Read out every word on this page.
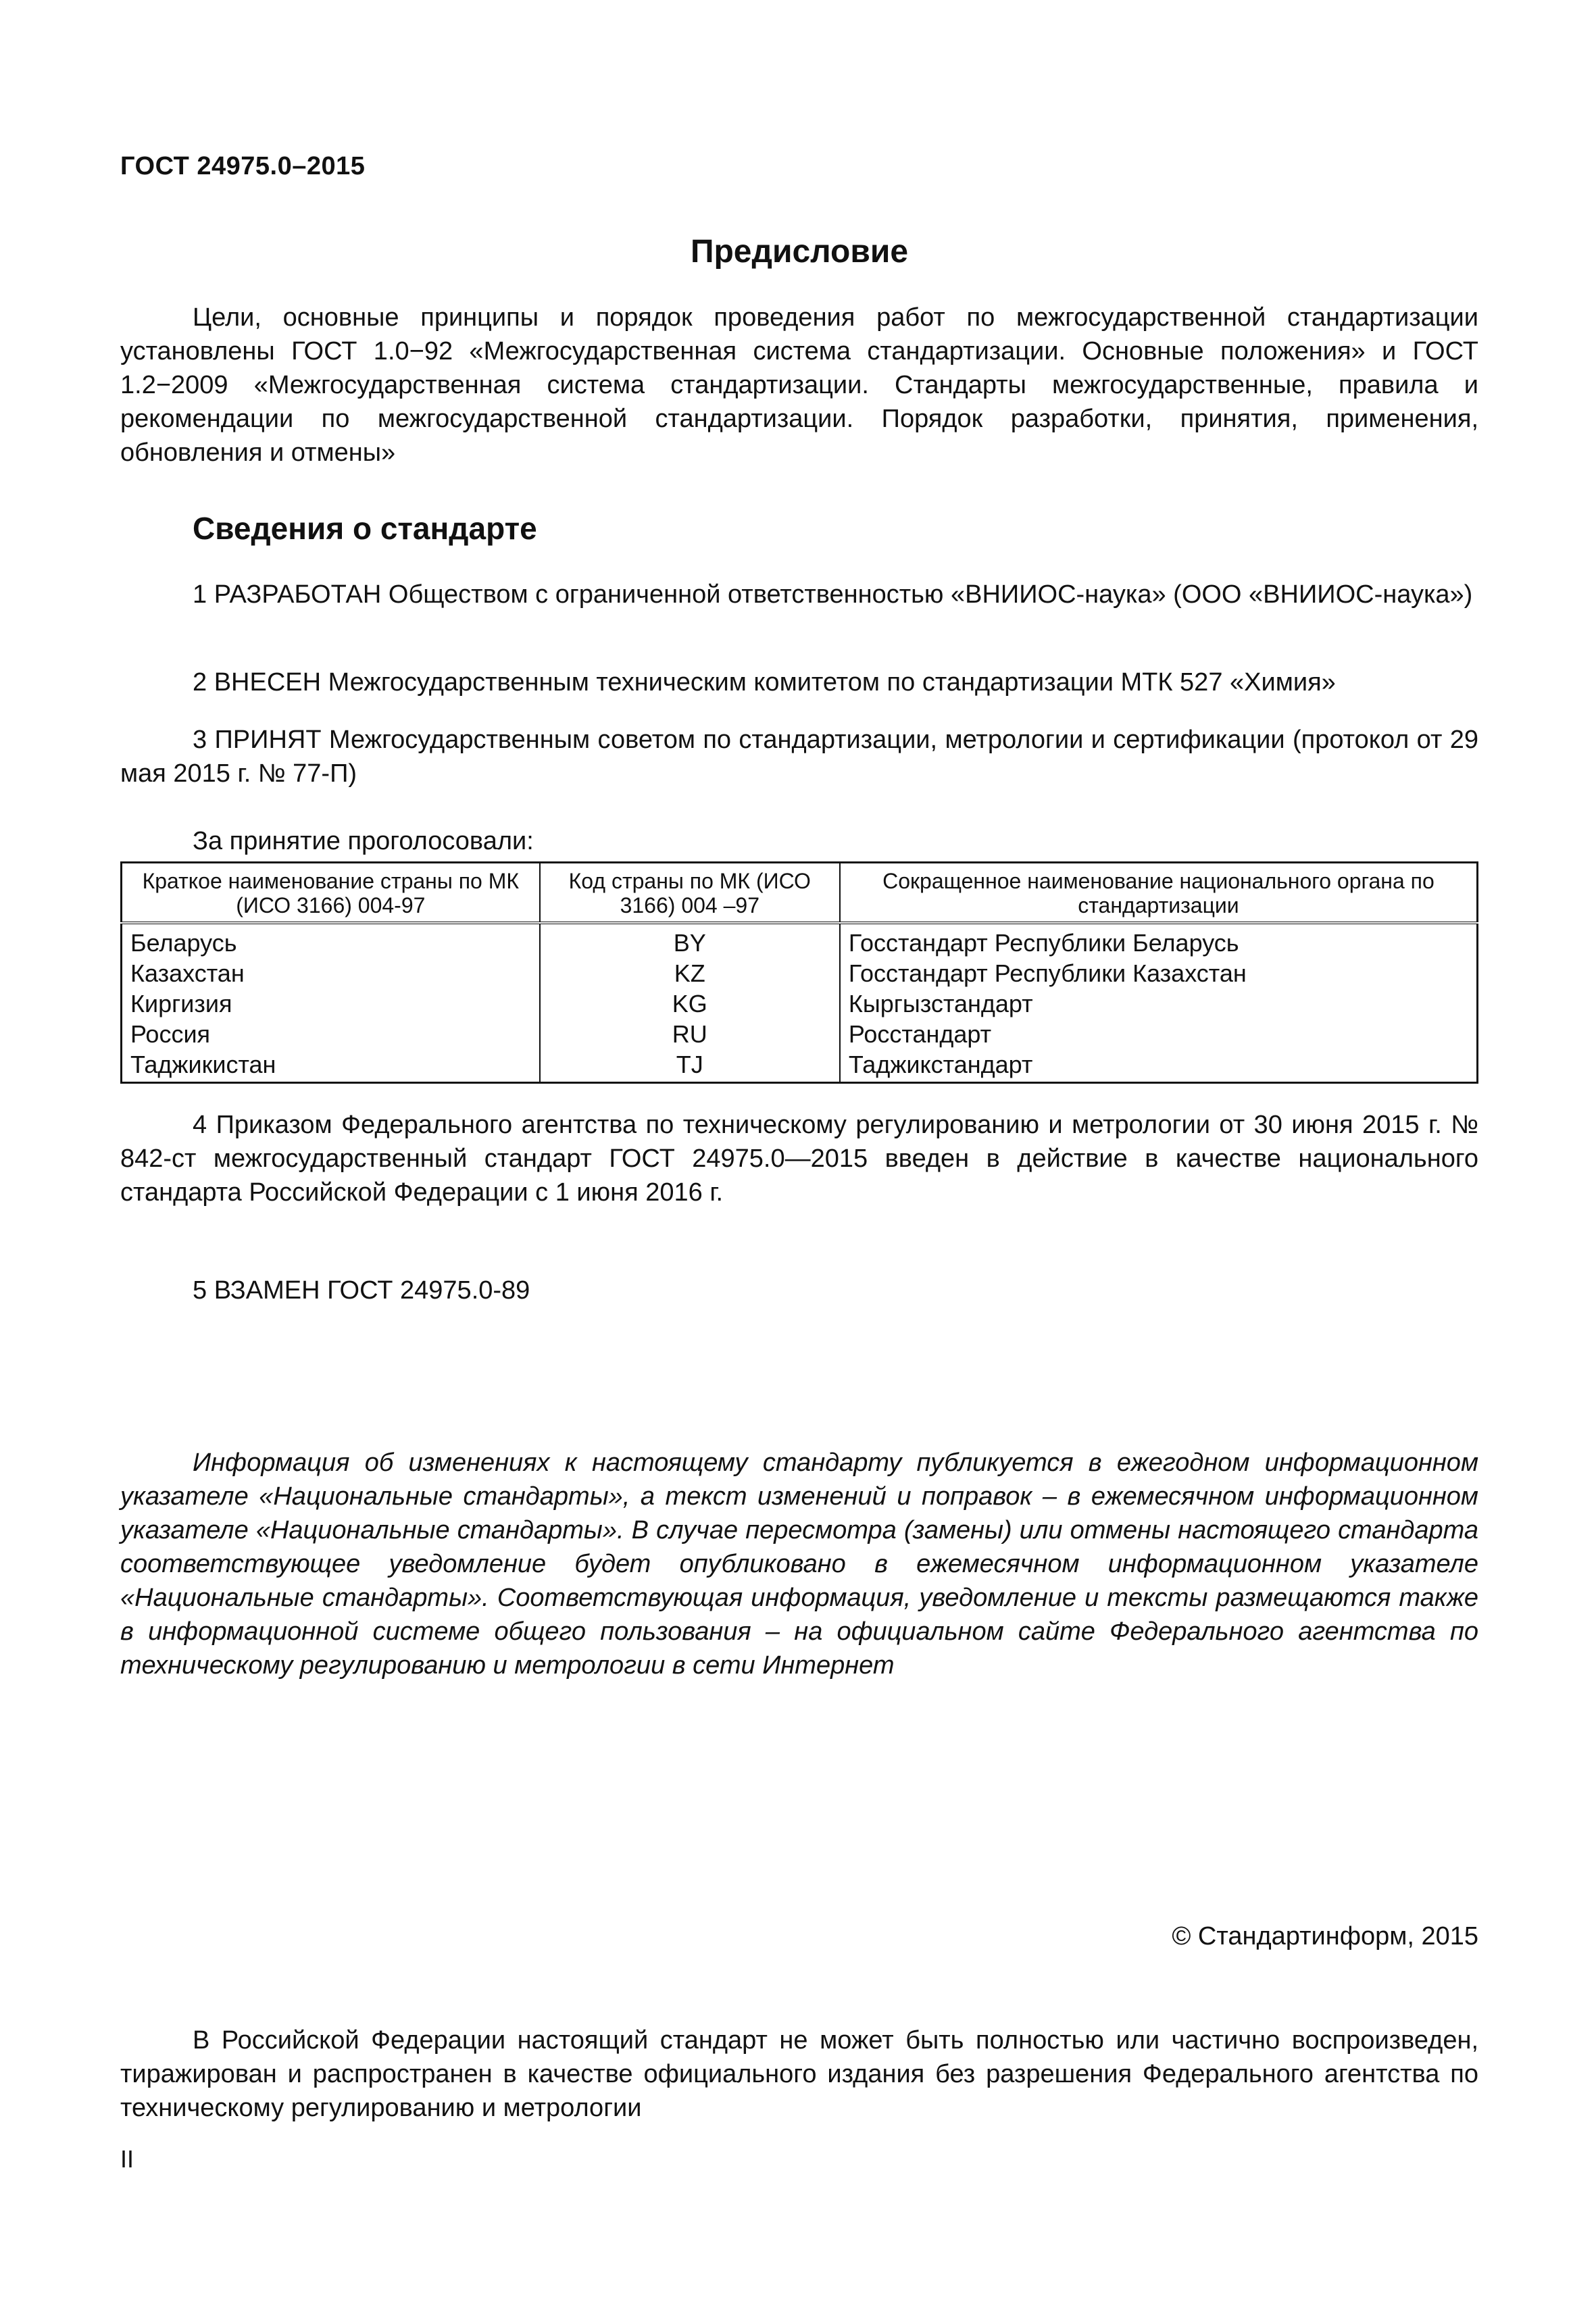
ГОСТ 24975.0–2015
Предисловие
Цели, основные принципы и порядок проведения работ по межгосударственной стандартизации установлены ГОСТ 1.0−92 «Межгосударственная система стандартизации. Основные положения» и ГОСТ 1.2−2009 «Межгосударственная система стандартизации. Стандарты межгосударственные, правила и рекомендации по межгосударственной стандартизации. Порядок разработки, принятия, применения, обновления и отмены»
Сведения о стандарте
1 РАЗРАБОТАН Обществом с ограниченной ответственностью «ВНИИОС-наука» (ООО «ВНИИОС-наука»)
2 ВНЕСЕН Межгосударственным техническим комитетом по стандартизации МТК 527 «Химия»
3 ПРИНЯТ Межгосударственным советом по стандартизации, метрологии и сертификации (протокол от 29 мая 2015 г. № 77-П)
За принятие проголосовали:
Краткое наименование страны по МК (ИСО 3166) 004-97	Код страны по МК (ИСО 3166) 004 –97	Сокращенное наименование национального органа по стандартизации
Беларусь	BY	Госстандарт Республики Беларусь
Казахстан	KZ	Госстандарт Республики Казахстан
Киргизия	KG	Кыргызстандарт
Россия	RU	Росстандарт
Таджикистан	TJ	Таджикстандарт
4 Приказом Федерального агентства по техническому регулированию и метрологии от 30 июня 2015 г. № 842-ст межгосударственный стандарт ГОСТ 24975.0—2015 введен в действие в качестве национального стандарта Российской Федерации с 1 июня 2016 г.
5 ВЗАМЕН ГОСТ 24975.0-89
Информация об изменениях к настоящему стандарту публикуется в ежегодном информационном указателе «Национальные стандарты», а текст изменений и поправок – в ежемесячном информационном указателе «Национальные стандарты». В случае пересмотра (замены) или отмены настоящего стандарта соответствующее уведомление будет опубликовано в ежемесячном информационном указателе «Национальные стандарты». Соответствующая информация, уведомление и тексты размещаются также в информационной системе общего пользования – на официальном сайте Федерального агентства по техническому регулированию и метрологии в сети Интернет
© Стандартинформ, 2015
В Российской Федерации настоящий стандарт не может быть полностью или частично воспроизведен, тиражирован и распространен в качестве официального издания без разрешения Федерального агентства по техническому регулированию и метрологии
II
